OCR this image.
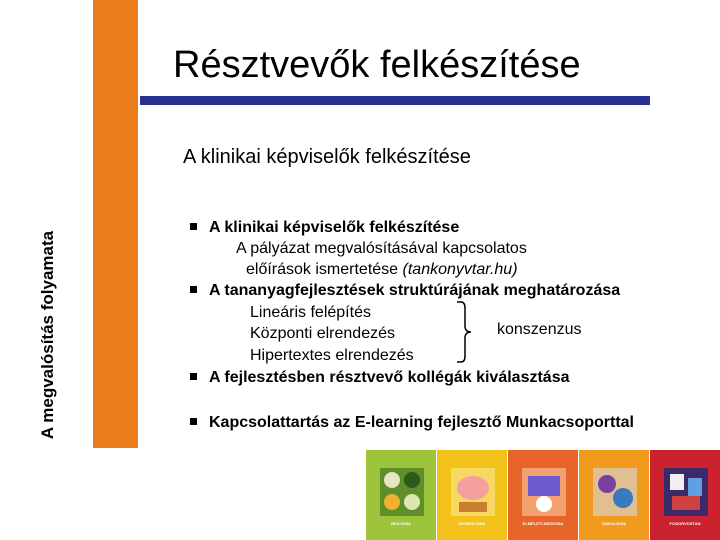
Résztvevők felkészítése
A klinikai képviselők felkészítése
A megvalósítás folyamata
A klinikai képviselők felkészítése
A pályázat megvalósításával kapcsolatos
előírások ismertetése (tankonyvtar.hu)
A tananyagfejlesztések struktúrájának meghatározása
Lineáris felépítés
Központi elrendezés
Hipertextes elrendezés
konszenzus
A fejlesztésben résztvevő kollégák kiválasztása
Kapcsolattartás az E-learning fejlesztő Munkacsoporttal
BIOLÓGIA	NEUROLÓGIA	ELMÉLETI MEDICINA	ONKOLÓGIA	FOGORVOSTAN
